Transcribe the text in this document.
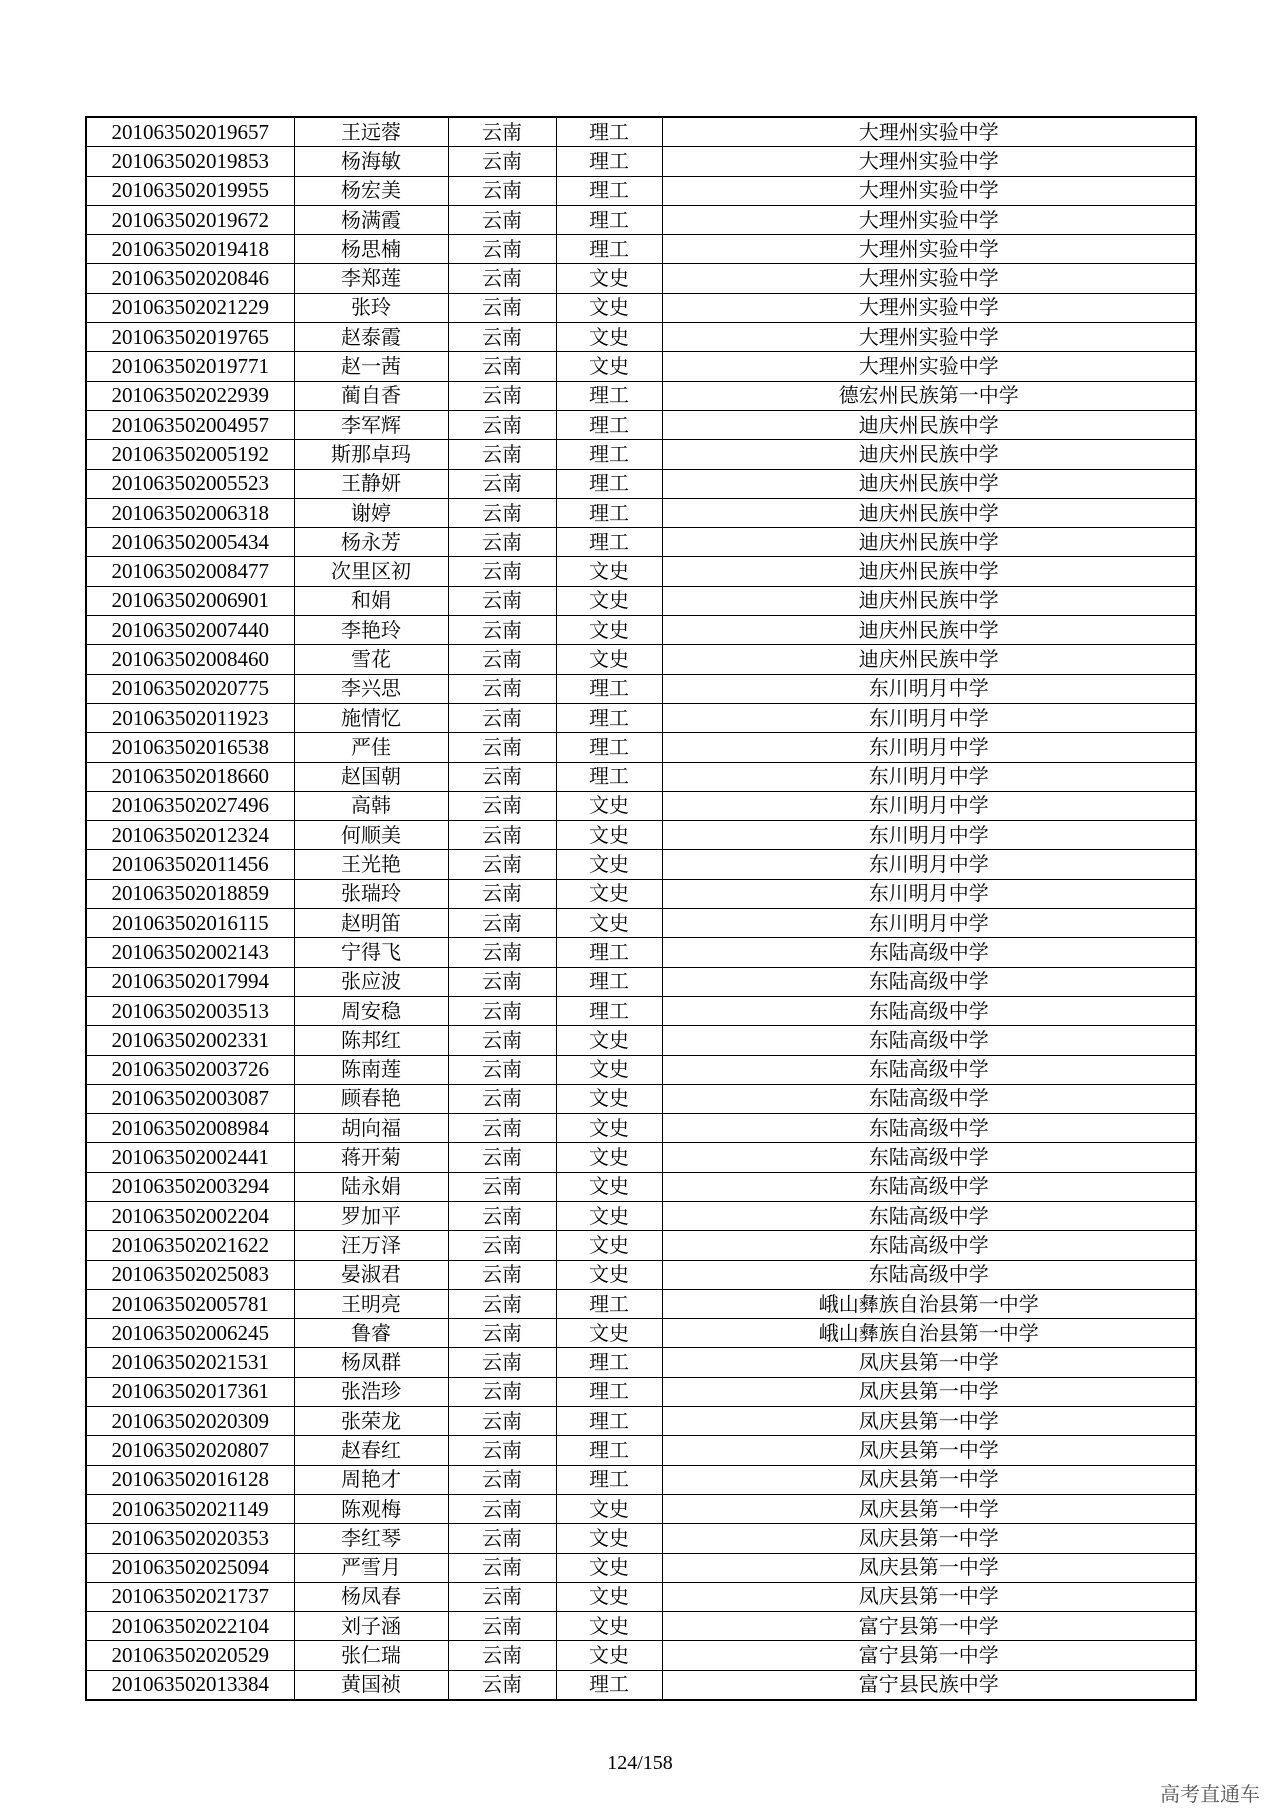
201063502019657	王远蓉	云南	理工	大理州实验中学
201063502019853	杨海敏	云南	理工	大理州实验中学
201063502019955	杨宏美	云南	理工	大理州实验中学
201063502019672	杨满霞	云南	理工	大理州实验中学
201063502019418	杨思楠	云南	理工	大理州实验中学
201063502020846	李郑莲	云南	文史	大理州实验中学
201063502021229	张玲	云南	文史	大理州实验中学
201063502019765	赵泰霞	云南	文史	大理州实验中学
201063502019771	赵一茜	云南	文史	大理州实验中学
201063502022939	蔺自香	云南	理工	德宏州民族第一中学
201063502004957	李军辉	云南	理工	迪庆州民族中学
201063502005192	斯那卓玛	云南	理工	迪庆州民族中学
201063502005523	王静妍	云南	理工	迪庆州民族中学
201063502006318	谢婷	云南	理工	迪庆州民族中学
201063502005434	杨永芳	云南	理工	迪庆州民族中学
201063502008477	次里区初	云南	文史	迪庆州民族中学
201063502006901	和娟	云南	文史	迪庆州民族中学
201063502007440	李艳玲	云南	文史	迪庆州民族中学
201063502008460	雪花	云南	文史	迪庆州民族中学
201063502020775	李兴思	云南	理工	东川明月中学
201063502011923	施情忆	云南	理工	东川明月中学
201063502016538	严佳	云南	理工	东川明月中学
201063502018660	赵国朝	云南	理工	东川明月中学
201063502027496	高韩	云南	文史	东川明月中学
201063502012324	何顺美	云南	文史	东川明月中学
201063502011456	王光艳	云南	文史	东川明月中学
201063502018859	张瑞玲	云南	文史	东川明月中学
201063502016115	赵明笛	云南	文史	东川明月中学
201063502002143	宁得飞	云南	理工	东陆高级中学
201063502017994	张应波	云南	理工	东陆高级中学
201063502003513	周安稳	云南	理工	东陆高级中学
201063502002331	陈邦红	云南	文史	东陆高级中学
201063502003726	陈南莲	云南	文史	东陆高级中学
201063502003087	顾春艳	云南	文史	东陆高级中学
201063502008984	胡向福	云南	文史	东陆高级中学
201063502002441	蒋开菊	云南	文史	东陆高级中学
201063502003294	陆永娟	云南	文史	东陆高级中学
201063502002204	罗加平	云南	文史	东陆高级中学
201063502021622	汪万泽	云南	文史	东陆高级中学
201063502025083	晏淑君	云南	文史	东陆高级中学
201063502005781	王明亮	云南	理工	峨山彝族自治县第一中学
201063502006245	鲁睿	云南	文史	峨山彝族自治县第一中学
201063502021531	杨凤群	云南	理工	凤庆县第一中学
201063502017361	张浩珍	云南	理工	凤庆县第一中学
201063502020309	张荣龙	云南	理工	凤庆县第一中学
201063502020807	赵春红	云南	理工	凤庆县第一中学
201063502016128	周艳才	云南	理工	凤庆县第一中学
201063502021149	陈观梅	云南	文史	凤庆县第一中学
201063502020353	李红琴	云南	文史	凤庆县第一中学
201063502025094	严雪月	云南	文史	凤庆县第一中学
201063502021737	杨凤春	云南	文史	凤庆县第一中学
201063502022104	刘子涵	云南	文史	富宁县第一中学
201063502020529	张仁瑞	云南	文史	富宁县第一中学
201063502013384	黄国祯	云南	理工	富宁县民族中学
124/158
高考直通车
